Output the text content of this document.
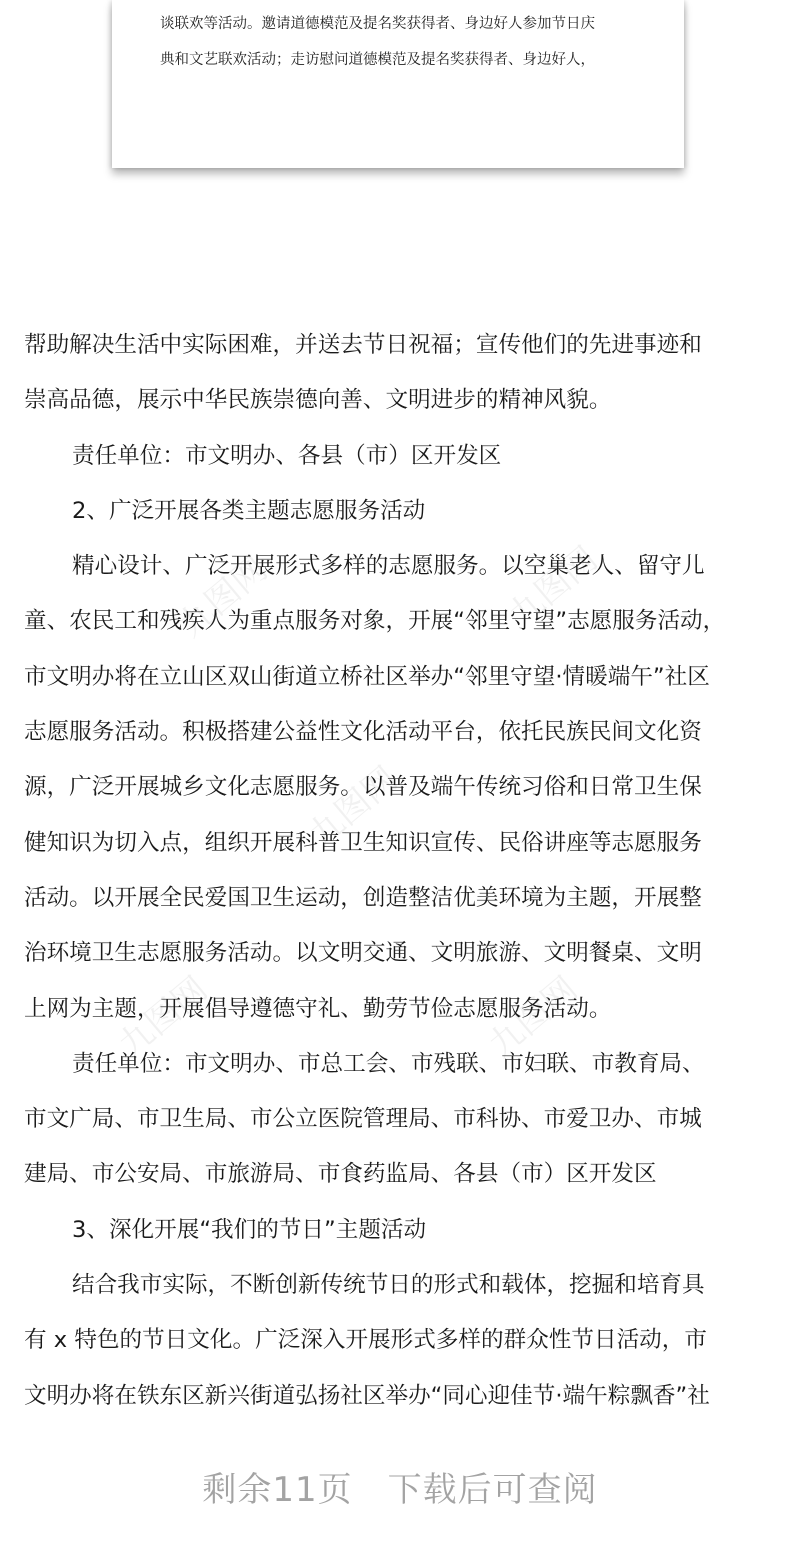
谈联欢等活动。邀请道德模范及提名奖获得者、身边好人参加节日庆
典和文艺联欢活动；走访慰问道德模范及提名奖获得者、身边好人，
九图网	九图网
九图网
九图网	九图网
帮助解决生活中实际困难，并送去节日祝福；宣传他们的先进事迹和
崇高品德，展示中华民族崇德向善、文明进步的精神风貌。
责任单位：市文明办、各县（市）区开发区
2、广泛开展各类主题志愿服务活动
精心设计、广泛开展形式多样的志愿服务。以空巢老人、留守儿
童、农民工和残疾人为重点服务对象，开展“邻里守望”志愿服务活动，
市文明办将在立山区双山街道立桥社区举办“邻里守望·情暖端午”社区
志愿服务活动。积极搭建公益性文化活动平台，依托民族民间文化资
源，广泛开展城乡文化志愿服务。以普及端午传统习俗和日常卫生保
健知识为切入点，组织开展科普卫生知识宣传、民俗讲座等志愿服务
活动。以开展全民爱国卫生运动，创造整洁优美环境为主题，开展整
治环境卫生志愿服务活动。以文明交通、文明旅游、文明餐桌、文明
上网为主题，开展倡导遵德守礼、勤劳节俭志愿服务活动。
责任单位：市文明办、市总工会、市残联、市妇联、市教育局、
市文广局、市卫生局、市公立医院管理局、市科协、市爱卫办、市城
建局、市公安局、市旅游局、市食药监局、各县（市）区开发区
3、深化开展“我们的节日”主题活动
结合我市实际，不断创新传统节日的形式和载体，挖掘和培育具
有 x 特色的节日文化。广泛深入开展形式多样的群众性节日活动，市
文明办将在铁东区新兴街道弘扬社区举办“同心迎佳节·端午粽飘香”社
剩余11页  下载后可查阅
